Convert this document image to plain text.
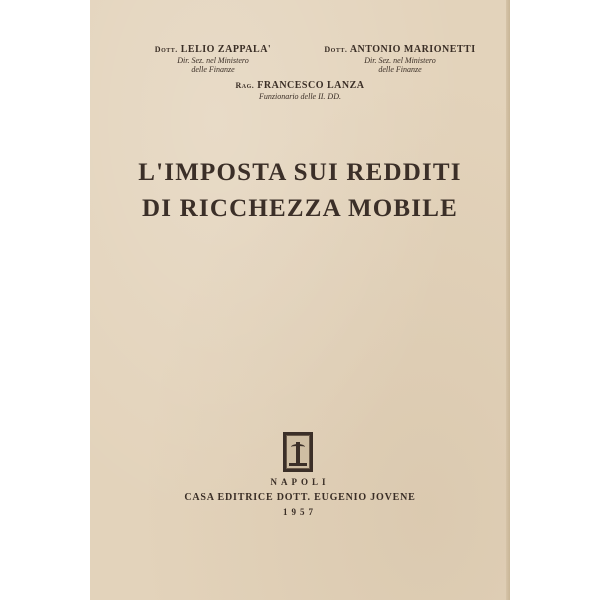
Dott. LELIO ZAPPALA'
Dir. Sez. nel Ministero
delle Finanze
Dott. ANTONIO MARIONETTI
Dir. Sez. nel Ministero
delle Finanze
Rag. FRANCESCO LANZA
Funzionario delle II. DD.
L'IMPOSTA SUI REDDITI
DI RICCHEZZA MOBILE
NAPOLI
CASA EDITRICE DOTT. EUGENIO JOVENE
1957
